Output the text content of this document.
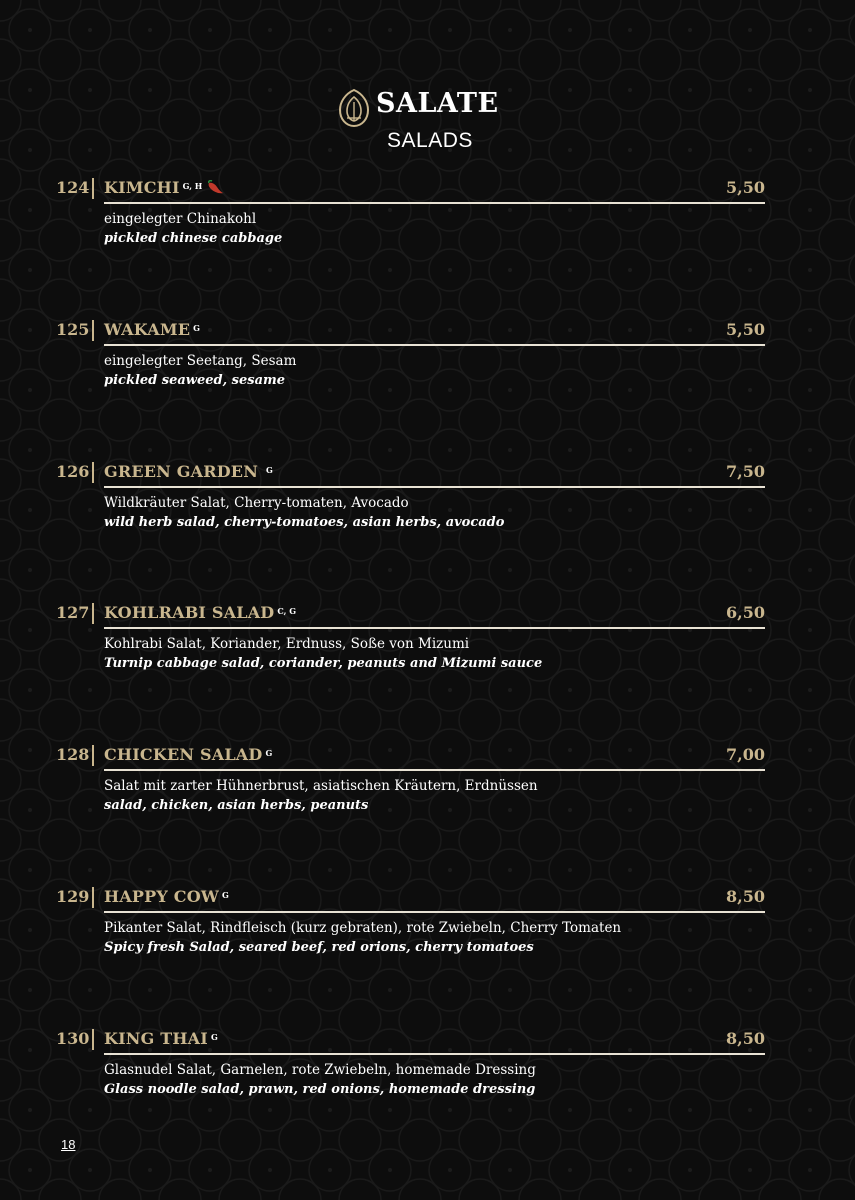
SALATE
SALADS
124 KIMCHI $^{G, H}$	5,50
eingelegter Chinakohl
pickled chinese cabbage
125 WAKAME $^G$	5,50
eingelegter Seetang, Sesam
pickled seaweed, sesame
126 GREEN GARDEN $^G$	7,50
Wildkräuter Salat, Cherry-tomaten, Avocado
wild herb salad, cherry-tomatoes, asian herbs, avocado
127 KOHLRABI SALAD $^{C, G}$	6,50
Kohlrabi Salat, Koriander, Erdnuss, Soße von Mizumi
Turnip cabbage salad, coriander, peanuts and Mizumi sauce
128 CHICKEN SALAD $^G$	7,00
Salat mit zarter Hühnerbrust, asiatischen Kräutern, Erdnüssen
salad, chicken, asian herbs, peanuts
129 HAPPY COW $^G$	8,50
Pikanter Salat, Rindfleisch (kurz gebraten), rote Zwiebeln, Cherry Tomaten
Spicy fresh Salad, seared beef, red orions, cherry tomatoes
130 KING THAI $^G$	8,50
Glasnudel Salat, Garnelen, rote Zwiebeln, homemade Dressing
Glass noodle salad, prawn, red onions, homemade dressing
18
